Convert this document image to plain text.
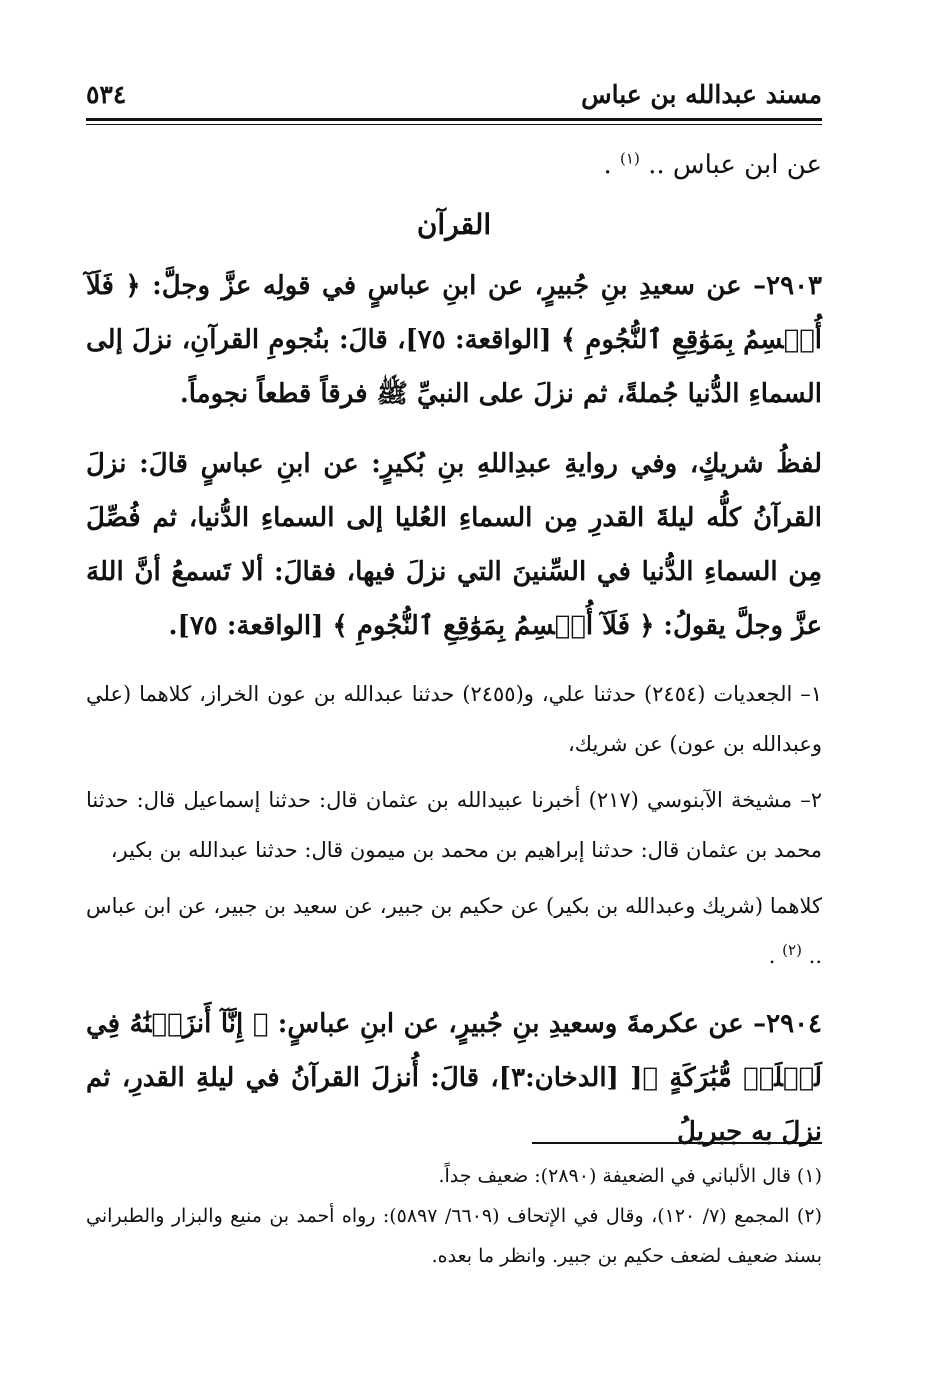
مسند عبدالله بن عباس
٥٣٤
عن ابن عباس .. $^{(١)}$ .
القرآن
٢٩٠٣– عن سعيدِ بنِ جُبيرٍ، عن ابنِ عباسٍ في قولِه عزَّ وجلَّ: ﴿ فَلَآ أُقۡسِمُ بِمَوَٰقِعِ ٱلنُّجُومِ ﴾ [الواقعة: ٧٥]، قالَ: بنُجومِ القرآنِ، نزلَ إلى السماءِ الدُّنيا جُملةً، ثم نزلَ على النبيِّ ﷺ فرقاً قطعاً نجوماً.
لفظُ شريكٍ، وفي روايةِ عبدِاللهِ بنِ بُكيرٍ: عن ابنِ عباسٍ قالَ: نزلَ القرآنُ كلُّه ليلةَ القدرِ مِن السماءِ العُليا إلى السماءِ الدُّنيا، ثم فُصِّلَ مِن السماءِ الدُّنيا في السِّنينَ التي نزلَ فيها، فقالَ: ألا تَسمعُ أنَّ اللهَ عزَّ وجلَّ يقولُ: ﴿ فَلَآ أُقۡسِمُ بِمَوَٰقِعِ ٱلنُّجُومِ ﴾ [الواقعة: ٧٥].
١– الجعديات (٢٤٥٤) حدثنا علي، و(٢٤٥٥) حدثنا عبدالله بن عون الخراز، كلاهما (علي وعبدالله بن عون) عن شريك،
٢– مشيخة الآبنوسي (٢١٧) أخبرنا عبيدالله بن عثمان قال: حدثنا إسماعيل قال: حدثنا محمد بن عثمان قال: حدثنا إبراهيم بن محمد بن ميمون قال: حدثنا عبدالله بن بكير،
كلاهما (شريك وعبدالله بن بكير) عن حكيم بن جبير، عن سعيد بن جبير، عن ابن عباس .. $^{(٢)}$ .
٢٩٠٤– عن عكرمةَ وسعيدِ بنِ جُبيرٍ، عن ابنِ عباسٍ: ﴿ إِنَّآ أَنزَلۡنَٰهُ فِي لَيۡلَةٖ مُّبَٰرَكَةٍ ﴾[ [الدخان:٣]، قالَ: أُنزلَ القرآنُ في ليلةِ القدرِ، ثم نزلَ به جبريلُ
(١) قال الألباني في الضعيفة (٢٨٩٠): ضعيف جداً.
(٢) المجمع (٧/ ١٢٠)، وقال في الإتحاف (٦٦٠٩/ ٥٨٩٧): رواه أحمد بن منيع والبزار والطبراني بسند ضعيف لضعف حكيم بن جبير. وانظر ما بعده.
